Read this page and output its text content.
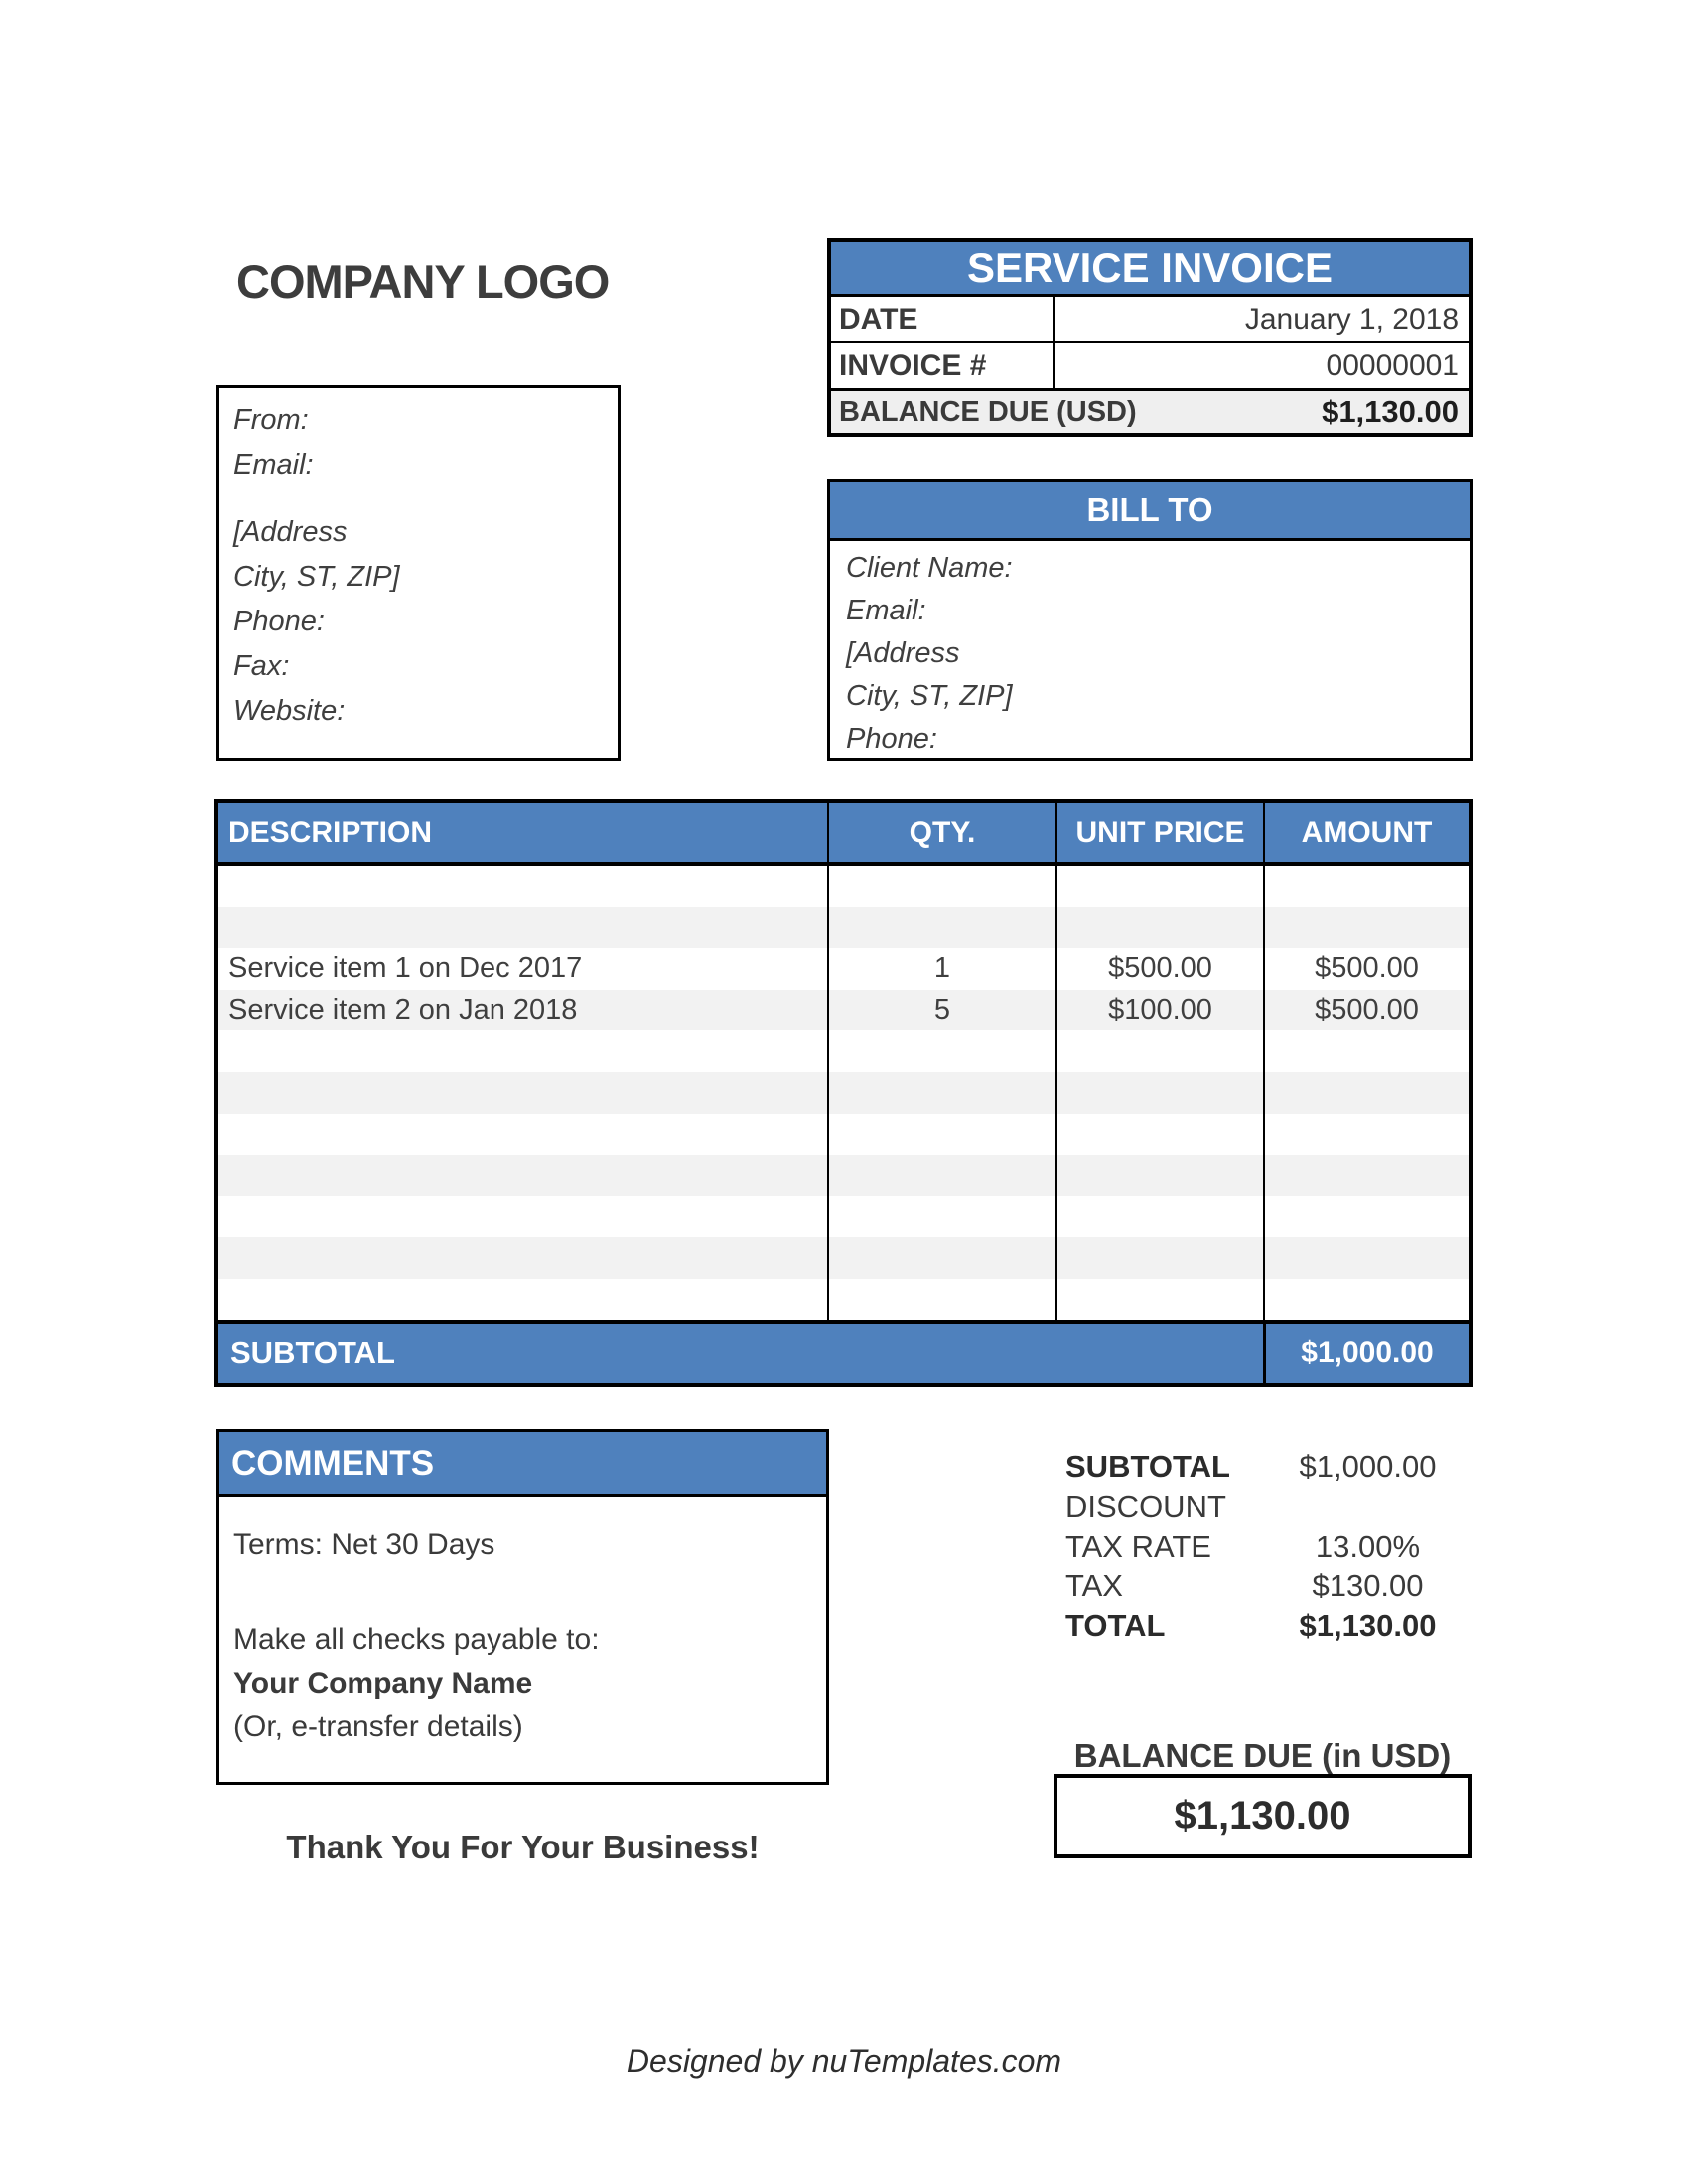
COMPANY LOGO	SERVICE INVOICE
DATE	January 1, 2018
INVOICE #	00000001
BALANCE DUE (USD)	$1,130.00
From:
Email:
[Address
City, ST, ZIP]
Phone:
Fax:
Website:
BILL TO
Client Name:
Email:
[Address
City, ST, ZIP]
Phone:
DESCRIPTION	QTY.	UNIT PRICE	AMOUNT
Service item 1 on Dec 2017	1	$500.00	$500.00
Service item 2 on Jan 2018	5	$100.00	$500.00
SUBTOTAL	$1,000.00
COMMENTS
Terms: Net 30 Days
Make all checks payable to:
Your Company Name
(Or, e-transfer details)
SUBTOTAL	$1,000.00
DISCOUNT
TAX RATE	13.00%
TAX	$130.00
TOTAL	$1,130.00
BALANCE DUE (in USD)
$1,130.00
Thank You For Your Business!
Designed by nuTemplates.com
